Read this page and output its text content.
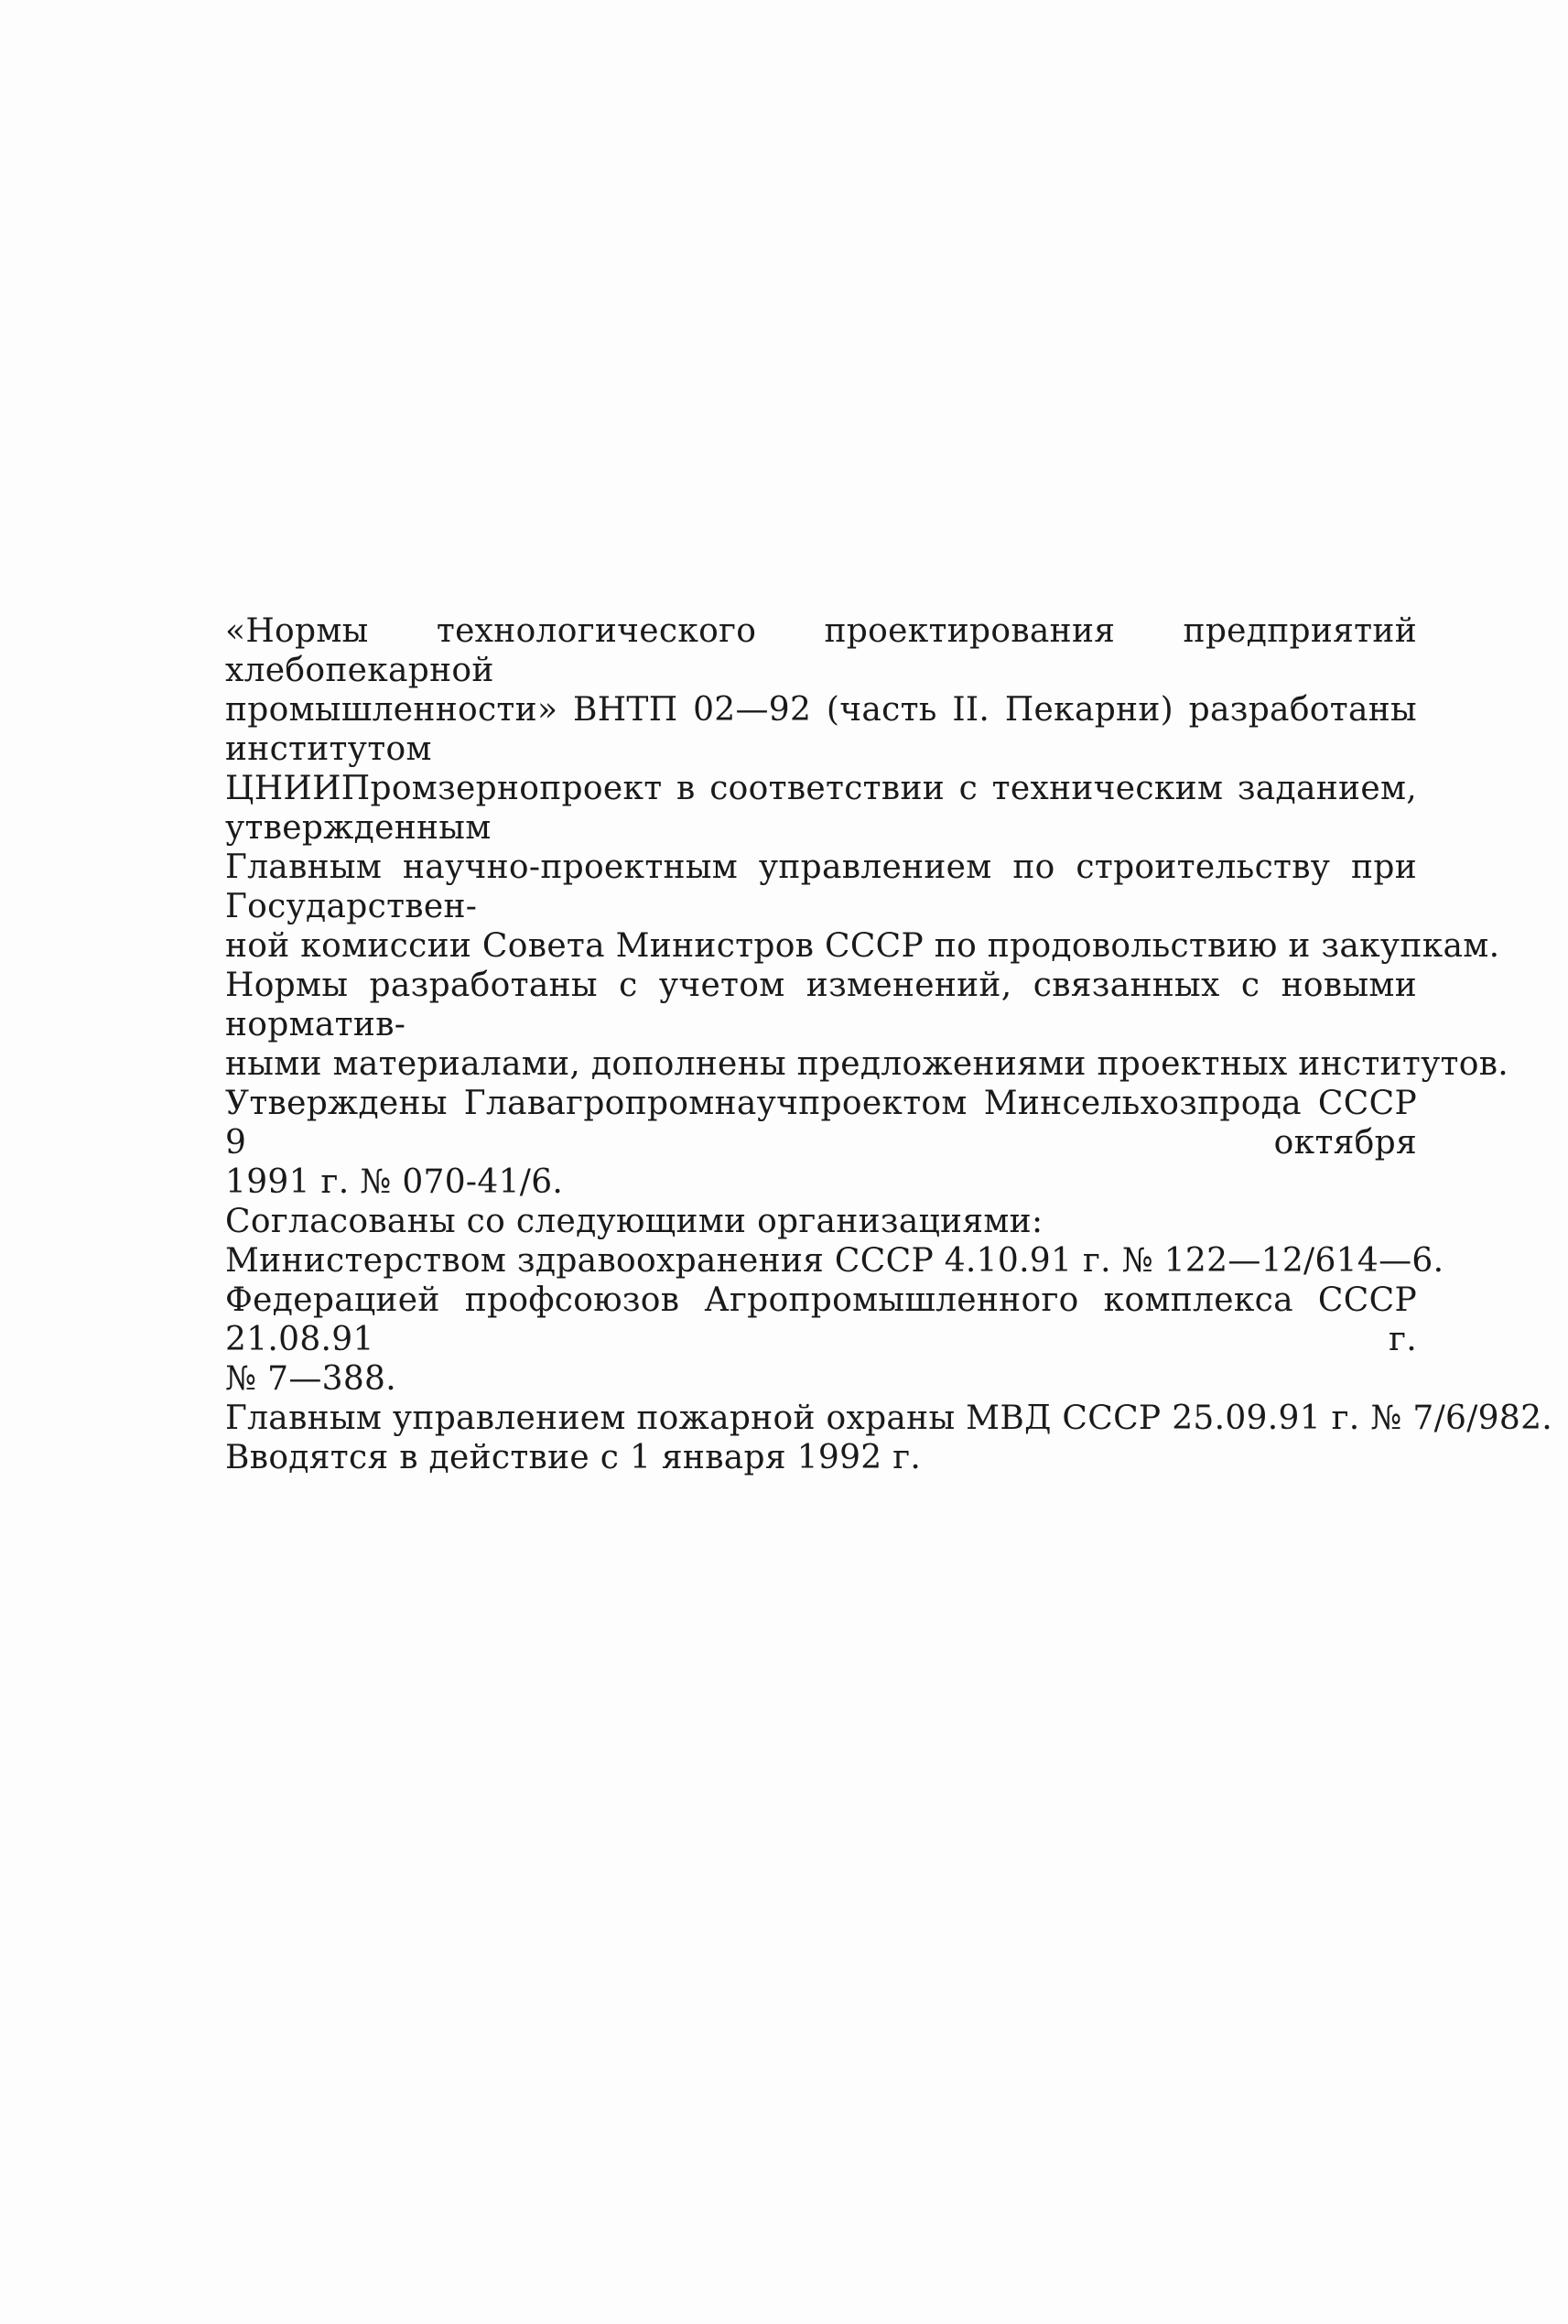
«Нормы технологического проектирования предприятий хлебопекарной
промышленности» ВНТП 02—92 (часть II. Пекарни) разработаны институтом
ЦНИИПромзернопроект в соответствии с техническим заданием, утвержденным
Главным научно-проектным управлением по строительству при Государствен-
ной комиссии Совета Министров СССР по продовольствию и закупкам.
Нормы разработаны с учетом изменений, связанных с новыми норматив-
ными материалами, дополнены предложениями проектных институтов.
Утверждены Главагропромнаучпроектом Минсельхозпрода СССР 9 октября
1991 г. № 070-41/6.
Согласованы со следующими организациями:
Министерством здравоохранения СССР 4.10.91 г. № 122—12/614—6.
Федерацией профсоюзов Агропромышленного комплекса СССР 21.08.91 г.
№ 7—388.
Главным управлением пожарной охраны МВД СССР 25.09.91 г. № 7/6/982.
Вводятся в действие с 1 января 1992 г.
